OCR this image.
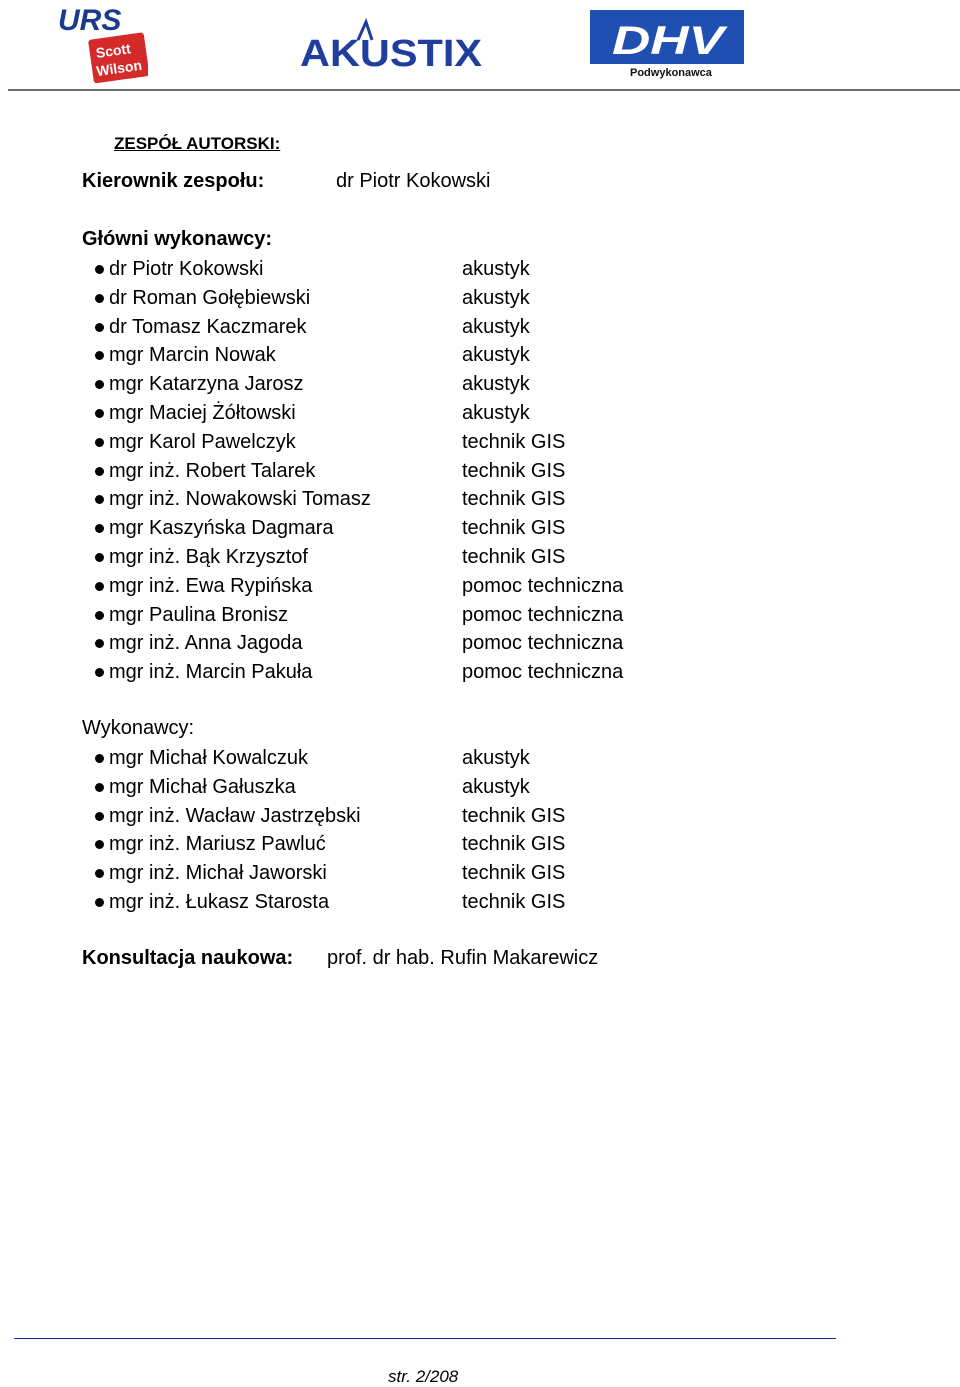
URS
Scott
Wilson	AKUSTIX	DHV
Podwykonawca
ZESPÓŁ AUTORSKI:
Kierownik zespołu:	dr Piotr Kokowski
Główni wykonawcy:
dr Piotr Kokowski	akustyk
dr Roman Gołębiewski	akustyk
dr Tomasz Kaczmarek	akustyk
mgr Marcin Nowak	akustyk
mgr Katarzyna Jarosz	akustyk
mgr Maciej Żółtowski	akustyk
mgr Karol Pawelczyk	technik GIS
mgr inż. Robert Talarek	technik GIS
mgr inż. Nowakowski Tomasz	technik GIS
mgr Kaszyńska Dagmara	technik GIS
mgr inż. Bąk Krzysztof	technik GIS
mgr inż. Ewa Rypińska	pomoc techniczna
mgr Paulina Bronisz	pomoc techniczna
mgr inż. Anna Jagoda	pomoc techniczna
mgr inż. Marcin Pakuła	pomoc techniczna
Wykonawcy:
mgr Michał Kowalczuk	akustyk
mgr Michał Gałuszka	akustyk
mgr inż. Wacław Jastrzębski	technik GIS
mgr inż. Mariusz Pawluć	technik GIS
mgr inż. Michał Jaworski	technik GIS
mgr inż. Łukasz Starosta	technik GIS
Konsultacja naukowa: prof. dr hab. Rufin Makarewicz
str. 2/208
